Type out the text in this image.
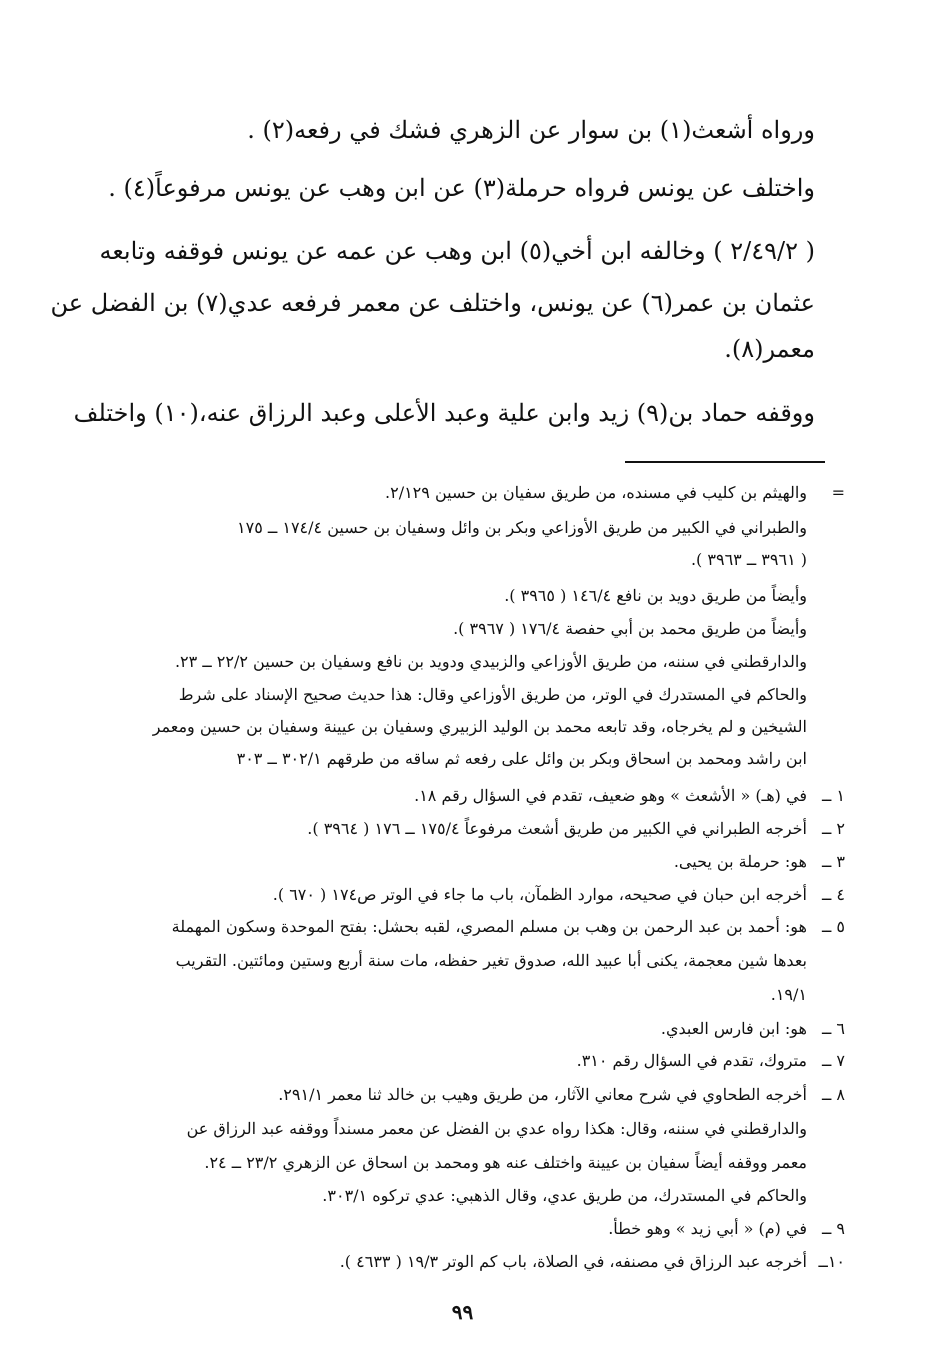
ورواه أشعث(١) بن سوار عن الزهري فشك في رفعه(٢) .
واختلف عن يونس فرواه حرملة(٣) عن ابن وهب عن يونس مرفوعاً(٤) .
( ٢/٤٩/٢ ) وخالفه ابن أخي(٥) ابن وهب عن عمه عن يونس فوقفه وتابعه
عثمان بن عمر(٦) عن يونس، واختلف عن معمر فرفعه عدي(٧) بن الفضل عن
معمر(٨).
ووقفه حماد بن(٩) زيد وابن علية وعبد الأعلى وعبد الرزاق عنه،(١٠) واختلف
=
والهيثم بن كليب في مسنده، من طريق سفيان بن حسين ٢/١٢٩.
والطبراني في الكبير من طريق الأوزاعي وبكر بن وائل وسفيان بن حسين ١٧٤/٤ ــ ١٧٥
( ٣٩٦١ ــ ٣٩٦٣ ).
وأيضاً من طريق دويد بن نافع ١٤٦/٤ ( ٣٩٦٥ ).
وأيضاً من طريق محمد بن أبي حفصة ١٧٦/٤ ( ٣٩٦٧ ).
والدارقطني في سننه، من طريق الأوزاعي والزبيدي ودويد بن نافع وسفيان بن حسين ٢٢/٢ ــ ٢٣.
والحاكم في المستدرك في الوتر، من طريق الأوزاعي وقال: هذا حديث صحيح الإسناد على شرط
الشيخين و لم يخرجاه، وقد تابعه محمد بن الوليد الزبيري وسفيان بن عيينة وسفيان بن حسين ومعمر
ابن راشد ومحمد بن اسحاق وبكر بن وائل على رفعه ثم ساقه من طرقهم ٣٠٢/١ ــ ٣٠٣
١ ــ
في (هـ) « الأشعث » وهو ضعيف، تقدم في السؤال رقم ١٨.
٢ ــ
أخرجه الطبراني في الكبير من طريق أشعث مرفوعاً ١٧٥/٤ ــ ١٧٦ ( ٣٩٦٤ ).
٣ ــ
هو: حرملة بن يحيى.
٤ ــ
أخرجه ابن حبان في صحيحه، موارد الظمآن، باب ما جاء في الوتر ص١٧٤ ( ٦٧٠ ).
٥ ــ
هو: أحمد بن عبد الرحمن بن وهب بن مسلم المصري، لقبه بحشل: بفتح الموحدة وسكون المهملة
بعدها شين معجمة، يكنى أبا عبيد الله، صدوق تغير حفظه، مات سنة أربع وستين ومائتين. التقريب
١٩/١.
٦ ــ
هو: ابن فارس العبدي.
٧ ــ
متروك، تقدم في السؤال رقم ٣١٠.
٨ ــ
أخرجه الطحاوي في شرح معاني الآثار، من طريق وهيب بن خالد ثنا معمر ٢٩١/١.
والدارقطني في سننه، وقال: هكذا رواه عدي بن الفضل عن معمر مسنداً ووقفه عبد الرزاق عن
معمر ووقفه أيضاً سفيان بن عيينة واختلف عنه هو ومحمد بن اسحاق عن الزهري ٢٣/٢ ــ ٢٤.
والحاكم في المستدرك، من طريق عدي، وقال الذهبي: عدي تركوه ٣٠٣/١.
٩ ــ
في (م) « أبي زيد » وهو خطأ.
١٠ــ
أخرجه عبد الرزاق في مصنفه، في الصلاة، باب كم الوتر ١٩/٣ ( ٤٦٣٣ ).
٩٩
